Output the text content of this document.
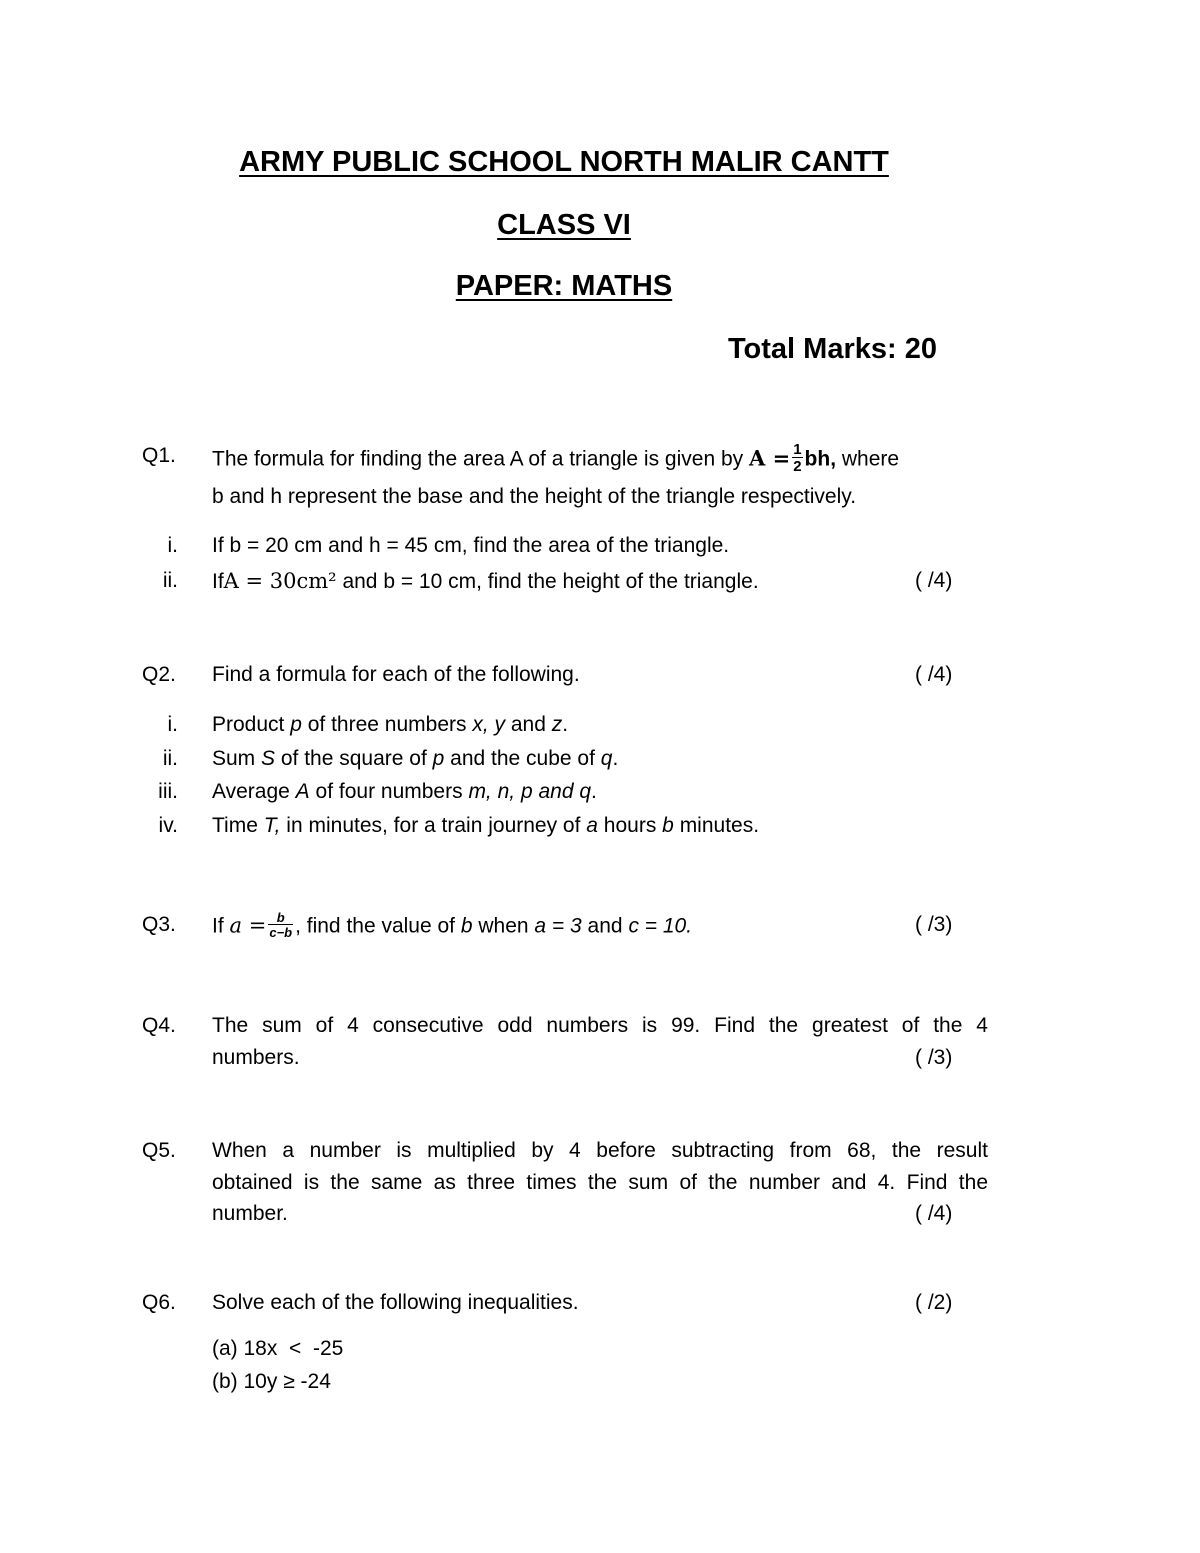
ARMY PUBLIC SCHOOL NORTH MALIR CANTT
CLASS VI
PAPER: MATHS
Total Marks: 20
Q1. The formula for finding the area A of a triangle is given by $A = \frac{1}{2}$ bh, where
b and h represent the base and the height of the triangle respectively.
i. If b = 20 cm and h = 45 cm, find the area of the triangle.
ii. IfA = 30cm² and b = 10 cm, find the height of the triangle.	( /4)
Q2. Find a formula for each of the following.	( /4)
i. Product p of three numbers x, y and z.
ii. Sum S of the square of p and the cube of q.
iii. Average A of four numbers m, n, p and q.
iv. Time T, in minutes, for a train journey of a hours b minutes.
Q3. If $a = \frac{b}{c-b}$ , find the value of b when a = 3 and c = 10.	( /3)
Q4. The sum of 4 consecutive odd numbers is 99. Find the greatest of the 4
numbers.	( /3)
Q5. When a number is multiplied by 4 before subtracting from 68, the result
obtained is the same as three times the sum of the number and 4. Find the
number.	( /4)
Q6. Solve each of the following inequalities.	( /2)
(a) 18x  <  -25
(b) 10y ≥ -24
